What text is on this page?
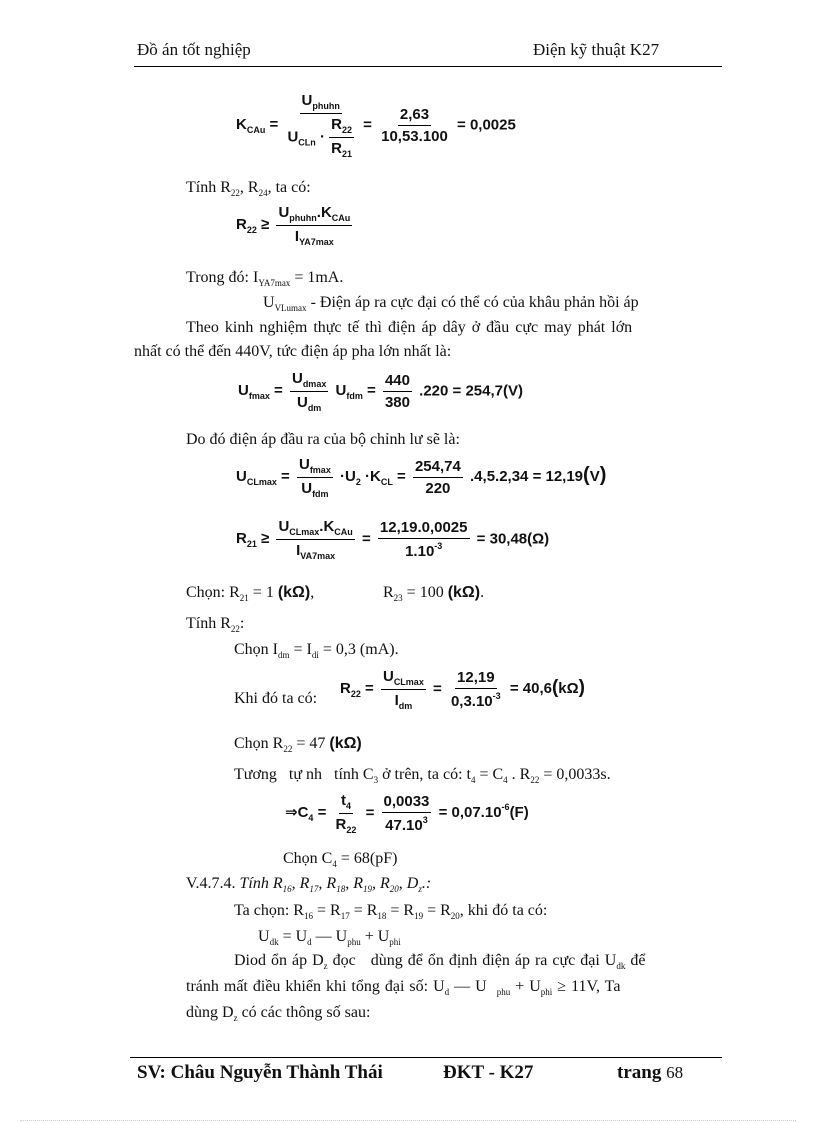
Đồ án tốt nghiệp	Điện kỹ thuật K27
$K_{CAu} = \frac{U_{phuhn}}{U_{CLn} \cdot \frac{R_{22}}{R_{21}}} = \frac{2,63}{10,53.100} = 0,0025$
Tính $R_{22}$, $R_{24}$, ta có:
$R_{22} \ge \frac{U_{phuhn}.K_{CAu}}{I_{YA7max}}$
Trong đó: $I_{YA7max} = 1mA$.
$U_{VLumax}$ - Điện áp ra cực đại có thể có của khâu phản hồi áp
Theo kinh nghiệm thực tế thì điện áp dây ở đầu cực may phát lớn
nhất có thể đến 440V, tức điện áp pha lớn nhất là:
$U_{fmax} = \frac{U_{dmax}}{U_{dm}} U_{fdm} = \frac{440}{380} .220 = 254,7(V)$
Do đó điện áp đầu ra của bộ chỉnh lư sẽ là:
$U_{CLmax} = \frac{U_{fmax}}{U_{fdm}} \cdot U_2 \cdot K_{CL} = \frac{254,74}{220} .4,5.2,34 = 12,19(V)$
$R_{21} \ge \frac{U_{CLmax}.K_{CAu}}{I_{VA7max}} = \frac{12,19.0,0025}{1.10^{-3}} = 30,48(\Omega)$
Chọn: $R_{21} = 1$ (kΩ),	$R_{23} = 100$ (kΩ).
Tính $R_{22}$:
Chọn $I_{dm} = I_{di} = 0,3$ (mA).
Khi đó ta có:
$R_{22} = \frac{U_{CLmax}}{I_{dm}} = \frac{12,19}{0,3.10^{-3}} = 40,6(k\Omega)$
Chọn $R_{22} = 47$ (kΩ)
Tương   tự nh   tính $C_3$ ở trên, ta có: $t_4 = C_4$ . $R_{22} = 0,0033s$.
$\Rightarrow C_4 = \frac{t_4}{R_{22}} = \frac{0,0033}{47.10^3} = 0,07.10^{-6}(F)$
Chọn $C_4 = 68(pF)$
V.4.7.4. Tính $R_{16}$, $R_{17}$, $R_{18}$, $R_{19}$, $R_{20}$, $D_z$.:
Ta chọn: $R_{16} = R_{17} = R_{18} = R_{19} = R_{20}$, khi đó ta có:
$U_{dk} = U_d$ — $U_{phu} + U_{phi}$
Diod ổn áp $D_z$ đọc   dùng để ổn định điện áp ra cực đại $U_{dk}$ để
tránh mất điều khiển khi tổng đại số: $U_d$ — U  $_{phu} + U_{phi} \ge 11V$, Ta
dùng $D_z$ có các thông số sau:
SV: Châu Nguyễn Thành Thái	ĐKT - K27	trang 68
